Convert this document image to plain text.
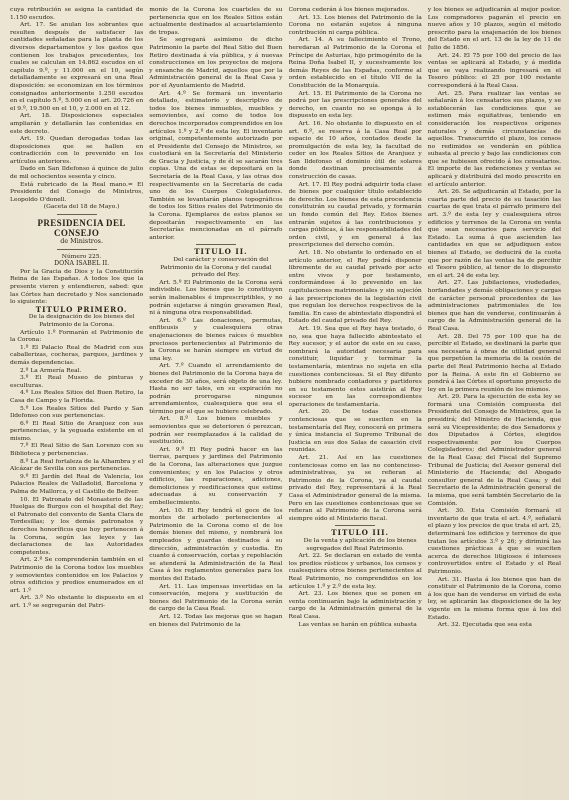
cuya retribución se asigna la cantidad de 1.150 escudos.

Art. 17. Se anulan los sobrantes que resulten después de satisfacer las cantidades señaladas para la planta de los diversos departamentos y los gastos que contienen los trabajos precedentes, los cuales se calculan en 14.862 escudos en el capítulo 9.º, y 11.000 en el 10, según detalladamente se expresará en una Real disposición: se economizan en los términos consignados anteriormente 1.250 escudos en el capítulo 5.º, 5.000 en el art. 20.726 en el 9.º, 19.500 en el 10, y 2.000 en el 12.

Art. 18. Disposiciones especiales ampliarán y detallarán las contenidas en este decreto.

Art. 19. Quedan derogadas todas las disposiciones que se hallen en contradicción con lo prevenido en los artículos anteriores.

Dado en San Ildefonso á quince de julio de mil ochocientos sesenta y cinco.

Está rubricado de la Real mano.= El Presidente del Consejo de Ministros, Leopoldo O'donell.

(Gaceta del 18 de Mayo.)

PRESIDENCIA DEL CONSEJO

de Ministros.

Número 225.

DOÑA ISABEL II.

Por la Gracia de Dios y la Constitución Reina de las Españas. A todos los que la presente vieren y entendieren, sabed: que las Córtes han decretado y Nos sancionado lo siguiente:

TITULO PRIMERO.

De la designación de los bienes del Patrimonio de la Corona.

Artículo 1.º Formarán el Patrimonio de la Corona:

1.º El Palacio Real de Madrid con sus caballerizas, cocheras, parques, jardines y demás dependencias.

2.º La Armería Real.

3.º El Real Museo de pinturas y esculturas.

4.º Los Reales Sitios del Buen Retiro, la Casa de Campo y la Florida.

5.º Los Reales Sitios del Pardo y San Ildefonso con sus pertenencias.

6.º El Real Sitio de Aranjuez con sus pertenencias, y la yeguada existente en el mismo.

7.º El Real Sitio de San Lorenzo con su Biblioteca y pertenencias.

8.º La Real fortaleza de la Alhambra y el Alcázar de Sevilla con sus pertenencias.

9.º El Jardín del Real de Valencia, los Palacios Reales de Valladolid, Barcelona y Palma de Mallorca, y el Castillo de Bellver.

10. El Patronato del Monasterio de las Huelgas de Burgos con el hospital del Rey; el Patronato del convento de Santa Clara de Tordesillas; y los demás patronatos y derechos honoríficos que hoy pertenecen á la Corona, según las leyes y las declaraciones de las Autoridades competentes.

Art. 2.º Se comprenderán también en el Patrimonio de la Corona todos los muebles y semovientes contenidos en los Palacios y otros edificios y predios enumerados en el art. 1.º

Art. 3.º No obstante lo dispuesto en el art. 1.º se segregarán del Patri-

monio de la Corona los cuarteles de su pertenencia que en los Reales Sitios están actualmente destinados al acuartelamiento de tropas.

Se segregará asimismo de dicho Patrimonio la parte del Real Sitio del Buen Retiro destinada á vía pública, y á nuevas construcciones en los proyectos de mejora y ensanche de Madrid, aquellos que por la Administración general de la Real Casa y por el Ayuntamiento de Madrid.

Art. 4.º Se formará un inventario detallado, estimatorio y descriptivo de todos los bienes inmuebles, muebles y semovientes, así como de todos los derechos incorporados comprendidos en los artículos 1.º y 2.º de esta ley. El inventario original, competentemente autorizado por el Presidente del Consejo de Ministros, se custodiará en la Secretaría del Ministerio de Gracia y Justicia, y de él se sacarán tres copias. Una de estas se depositará en la Secretaría de la Real Casa, y las otras dos respectivamente en la Secretaría de cada uno de los Cuerpos Colegisladores. También se levantarán planos topográficos de todos los Sitios reales del Patrimonio de la Corona. Ejemplares de estos planos se depositarán respectivamente en las Secretarías mencionadas en el párrafo anterior.

TITULO II.

Del carácter y conservación del Patrimonio de la Corona y del caudal privado del Rey.

Art. 5.º El Patrimonio de la Corona será indivisible. Los bienes que lo constituyen serán inalienables é imprescriptibles, y no podrán sujetarse á ningún gravamen Real, ni á ninguna otra responsabilidad.

Art. 6.º Las donaciones, permutas, enfiteusis y cualesquiera otras enajenaciones de bienes raíces ó muebles preciosos pertenecientes al Patrimonio de la Corona se harán siempre en virtud de una ley.

Art. 7.º Cuando el arrendamiento de bienes del Patrimonio de la Corona haya de exceder de 30 años, será objeto de una ley. Hasta no ser tales, en su expiración no podrán prorrogarse ningunos arrendamientos, cualesquiera que sea el término por el que se hubiere celebrado.

Art. 8.º Los bienes muebles y semovientes que se deterioren ó perezcan, podrán ser reemplazados á la calidad de sustitución.

Art. 9.º El Rey podrá hacer en las tierras, parques y jardines del Patrimonio de la Corona, las alteraciones que juzgue convenientes; y en los Palacios y otros edificios, las reparaciones, adiciones, demoliciones y reedificaciones que estime adecuadas á su conservación y embellecimiento.

Art. 10. El Rey tendrá el goce de los montes de arbolado pertenecientes al Patrimonio de la Corona como el de los demás bienes del mismo, y nombrará los empleados y guardas destinados á su dirección, administración y custodia. En cuanto á conservación, cortas y repoblación se atenderá la Administración de la Real Casa á los reglamentos generales para los montes del Estado.

Art. 11. Las impensas invertidas en la conservación, mejora y sustitución de bienes del Patrimonio de la Corona serán de cargo de la Casa Real.

Art. 12. Todas las mejoras que se hagan en bienes del Patrimonio de la

Corona cederán á los bienes mejorados.

Art. 13. Los bienes del Patrimonio de la Corona no estarán sujetos á ninguna contribución ni carga pública.

Art. 14. A su fallecimiento el Trono, heredaran al Patrimonio de la Corona el Príncipe de Asturias, hijo primogénito de la Reina Doña Isabel II, y sucesivamente los demás Reyes de las Españas, conforme al orden establecido en el título VII de la Constitución de la Monarquía.

Art. 15. El Patrimonio de la Corona no podrá por las prescripciones generales del derecho, en cuanto no se oponga á lo dispuesto en esta ley.

Art. 16. No obstante lo dispuesto en el art. 6.º, se reserva á la Casa Real por espacio de 10 años, contados desde la promulgación de esta ley, la facultad de ceder en los Reales Sitios de Aranjuez y San Ildefonso el dominio útil de solares donde destinan precisamente á construcción de casas.

Art. 17. El Rey podrá adquirir toda clase de bienes por cualquier título establecido de derecho. Los bienes de esta procedencia constituirán su caudal privado, y formarán un fondo común del Rey. Estos bienes entrarán sujetos á las contribuciones y cargas públicas, á las responsabilidades del orden civil, y en general á las prescripciones del derecho común.

Art. 18. No obstante lo ordenado en el artículo anterior, el Rey podrá disponer libremente de su caudal privado por acto entre vivos y por testamento, conformándose á lo prevenido en las capitulaciones matrimoniales y sin sujeción á las prescripciones de la legislación civil que regulan los derechos respectivos de la familia. En caso de abintestato dispondrá el Estado del caudal privado del Rey.

Art. 19. Sea que el Rey haya testado, ó no, sea que haya fallecido abintestato el Rey sucesor, y el autor de este en su caso, nombrará la autoridad necesaria para constituir, liquidar y terminar la testamentaría, mientras no sujeta en ella cuestiones contenciosas. Si el Rey difunto hubiere nombrado contadores y partidores en su testamento estos asistirán al Rey sucesor en las correspondientes operaciones de testamentaría.

Art. 20. De todas cuestiones contenciosas que se susciten en la testamentaría del Rey, conocerá en primera y única instancia el Supremo Tribunal de Justicia en sus dos Salas de casación civil reunidas.

Art. 21. Así en las cuestiones contenciosas como en las no contencioso-administrativas, ya se refieran al Patrimonio de la Corona, ya al caudal privado del Rey, representará á la Real Casa el Administrador general de la misma. Pero en las cuestiones contenciosas que se refieran al Patrimonio de la Corona será siempre oído el Ministerio fiscal.

TITULO III.

De la venta y aplicación de los bienes segregados del Real Patrimonio.

Art. 22. Se declaran en estado de venta los predios rústicos y urbanos, los censos y cualesquiera otros bienes pertenecientes al Real Patrimonio, no comprendidos en los artículos 1.º y 2.º de esta ley.

Art. 23. Los bienes que se ponen en venta continuarán bajo la administración y cargo de la Administración general de la Real Casa.

Las ventas se harán en pública subasta

y los bienes se adjudicarán al mejor postor. Los compradores pagarán el precio en nueve años y 10 plazos, según el método prescrito para la enajenación de los bienes del Estado en el art. 13 de la ley de 11 de Julio de 1856.

Art. 24. El 75 por 100 del precio de las ventas se aplicará al Estado, y á medida que se vaya realizando ingresará en el Tesoro público: el 25 por 100 restante corresponderá á la Real Casa.

Art. 25. Para realizar las ventas se señalarán á los censatarios sus plazos, y se establecerán las condiciones que se estimen más equitativas, teniendo en consideración los respectivos orígenes naturales y demás circunstancias de aquellos. Transcurrido el plazo, los censos no redimidos se venderán en pública subasta al precio y bajo las condiciones con que se hubiesen ofrecido á los censatarios. El importe de las redenciones y ventas se aplicará y distribuirá del modo prescrito en el artículo anterior.

Art. 26. Se adjudicarán al Estado, por la cuarta parte del precio de su tasación las cuartas de que trata el párrafo primero del art. 3.º de esta ley y cualesquiera otros edificios y terrenos de la Corona en venta que sean necesarios para servicio del Estado. La suma á que ascienden las cantidades en que se adjudiquen estos bienes al Estado, se deducirá de la cuota que por razón de las ventas ha de percibir el Tesoro público, al tenor de lo dispuesto en el art. 24 de esta ley.

Art. 27. Las jubilaciones, viudedades, horfandades y demás obligaciones y cargas de carácter personal procedentes de las administraciones patrimoniales de los bienes que han de venderse, continuarán á cargo de la Administración general de la Real Casa.

Art. 28. Del 75 por 100 que ha de percibir el Estado, se destinará la parte que sea necesaria á obras de utilidad general que perpetúen la memoria de la cesión de parte del Real Patrimonio hecha al Estado por la Reina. A este fin el Gobierno se pondrá á las Córtes el oportuno proyecto de ley en la primera reunión de los mismos.

Art. 29. Para la ejecución de esta ley se formará una Comisión compuesta del Presidente del Consejo de Ministros, que la presidirá; del Ministro de Hacienda, que será su Vicepresidente; de dos Senadores y dos Diputados á Córtes, elegidos respectivamente por los Cuerpos Colegisladores; del Administrador general de la Real Casa; del Fiscal del Supremo Tribunal de Justicia; del Asesor general del Ministerio de Hacienda; del Abogado consultor general de la Real Casa; y del Secretario de la Administración general de la misma, que será también Secretario de la Comisión.

Art. 30. Esta Comisión formará el inventario de que trata el art. 4.º, señalará el plazo y los precios de que trata el art. 25, determinará los edificios y terrenos de que tratan los artículos 3.º y 26; y dirimirá las cuestiones prácticas á que se susciten acerca de derechos litigiosos é intereses controvertidos entre el Estado y el Real Patrimonio.

Art. 31. Hasta á los bienes que han de constituir el Patrimonio de la Corona, como á los que han de venderse en virtud de esta ley, se aplicarán las disposiciones de la ley vigente en la misma forma que á los del Estado.

Art. 32. Ejecutada que sea esta
